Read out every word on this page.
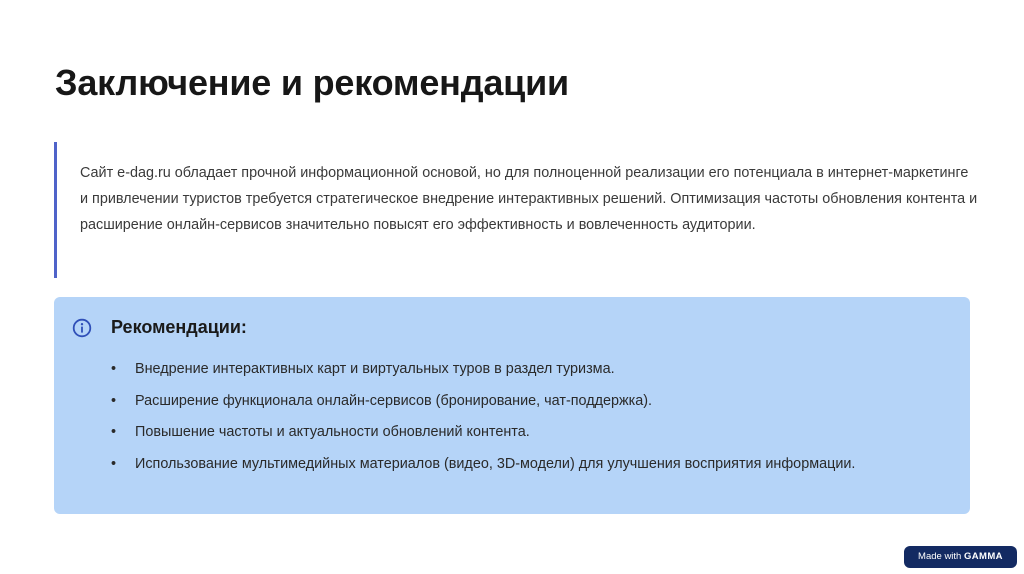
Заключение и рекомендации

Сайт e-dag.ru обладает прочной информационной основой, но для полноценной реализации его потенциала в интернет-маркетинге и привлечении туристов требуется стратегическое внедрение интерактивных решений. Оптимизация частоты обновления контента и расширение онлайн-сервисов значительно повысят его эффективность и вовлеченность аудитории.

Рекомендации:
• Внедрение интерактивных карт и виртуальных туров в раздел туризма.
• Расширение функционала онлайн-сервисов (бронирование, чат-поддержка).
• Повышение частоты и актуальности обновлений контента.
• Использование мультимедийных материалов (видео, 3D-модели) для улучшения восприятия информации.
Made with GAMMA
